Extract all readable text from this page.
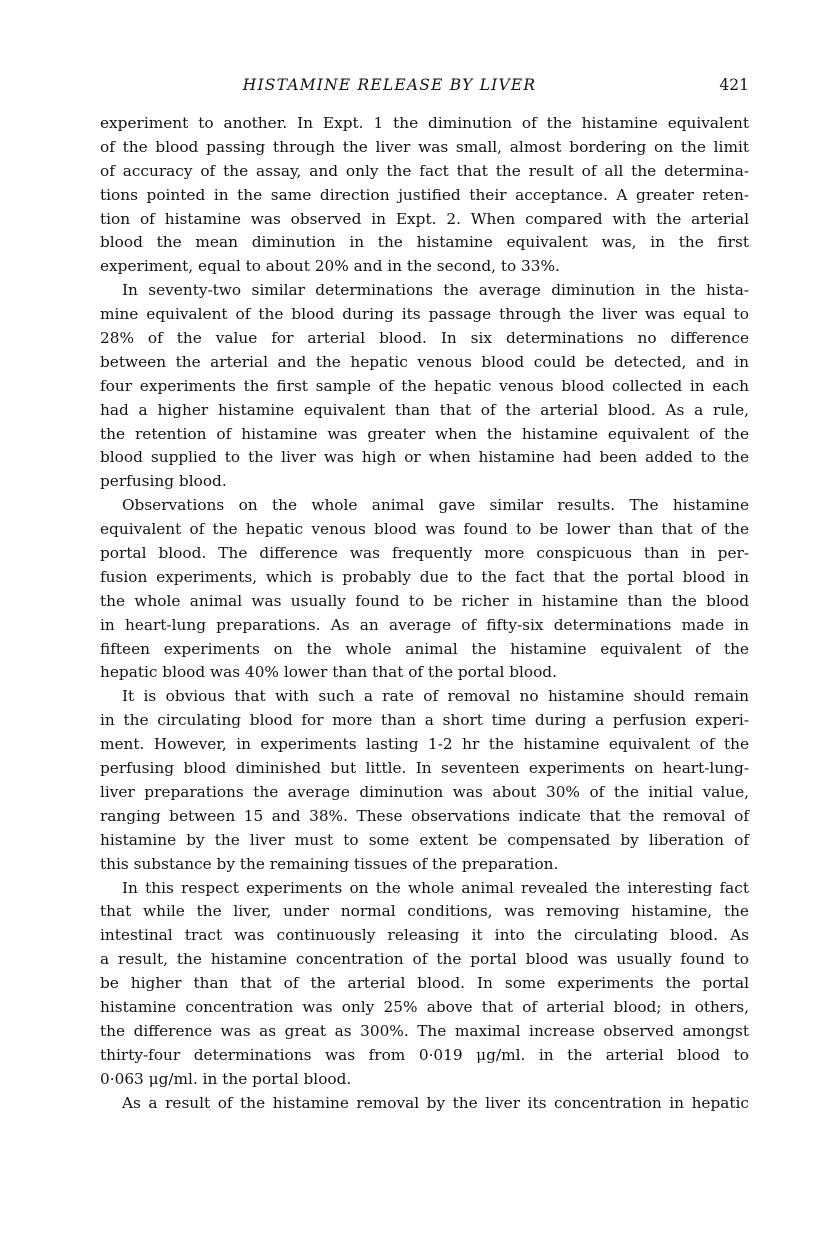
HISTAMINE RELEASE BY LIVER	421
experiment to another. In Expt. 1 the diminution of the histamine equivalent
of the blood passing through the liver was small, almost bordering on the limit
of accuracy of the assay, and only the fact that the result of all the determina-
tions pointed in the same direction justified their acceptance. A greater reten-
tion of histamine was observed in Expt. 2. When compared with the arterial
blood the mean diminution in the histamine equivalent was, in the first
experiment, equal to about 20% and in the second, to 33%.
In seventy-two similar determinations the average diminution in the hista-
mine equivalent of the blood during its passage through the liver was equal to
28% of the value for arterial blood. In six determinations no difference
between the arterial and the hepatic venous blood could be detected, and in
four experiments the first sample of the hepatic venous blood collected in each
had a higher histamine equivalent than that of the arterial blood. As a rule,
the retention of histamine was greater when the histamine equivalent of the
blood supplied to the liver was high or when histamine had been added to the
perfusing blood.
Observations on the whole animal gave similar results. The histamine
equivalent of the hepatic venous blood was found to be lower than that of the
portal blood. The difference was frequently more conspicuous than in per-
fusion experiments, which is probably due to the fact that the portal blood in
the whole animal was usually found to be richer in histamine than the blood
in heart-lung preparations. As an average of fifty-six determinations made in
fifteen experiments on the whole animal the histamine equivalent of the
hepatic blood was 40% lower than that of the portal blood.
It is obvious that with such a rate of removal no histamine should remain
in the circulating blood for more than a short time during a perfusion experi-
ment. However, in experiments lasting 1-2 hr the histamine equivalent of the
perfusing blood diminished but little. In seventeen experiments on heart-lung-
liver preparations the average diminution was about 30% of the initial value,
ranging between 15 and 38%. These observations indicate that the removal of
histamine by the liver must to some extent be compensated by liberation of
this substance by the remaining tissues of the preparation.
In this respect experiments on the whole animal revealed the interesting fact
that while the liver, under normal conditions, was removing histamine, the
intestinal tract was continuously releasing it into the circulating blood. As
a result, the histamine concentration of the portal blood was usually found to
be higher than that of the arterial blood. In some experiments the portal
histamine concentration was only 25% above that of arterial blood; in others,
the difference was as great as 300%. The maximal increase observed amongst
thirty-four determinations was from 0·019 μg/ml. in the arterial blood to
0·063 μg/ml. in the portal blood.
As a result of the histamine removal by the liver its concentration in hepatic
